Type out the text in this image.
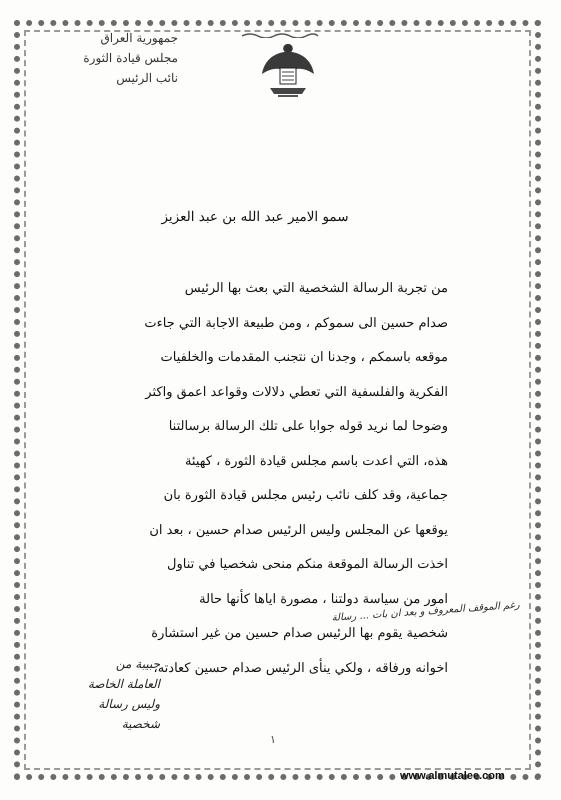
جمهورية العراق
مجلس قيادة الثورة
نائب الرئيس
سمو الامير عبد الله بن عبد العزيز

من تجربة الرسالة الشخصية التي بعث بها الرئيس

صدام حسين الى سموكم ، ومن طبيعة الاجابة التي جاءت

موقعه باسمكم ، وجدنا ان نتجنب المقدمات والخلفيات

الفكرية والفلسفية التي تعطي دلالات وقواعد اعمق واكثر

وضوحا لما نريد قوله جوابا على تلك الرسالة برسالتنا

هذه، التي اعدت باسم مجلس قيادة الثورة ، كهيئة

جماعية، وقد كلف نائب رئيس مجلس قيادة الثورة بان

يوقعها عن المجلس وليس الرئيس صدام حسين ، بعد ان

اخذت الرسالة الموقعة منكم منحى شخصيا في تناول

امور من سياسة دولتنا ، مصورة اياها كأنها حالة

شخصية يقوم بها الرئيس صدام حسين من غير استشارة

اخوانه ورفاقه ، ولكي ينأى الرئيس صدام حسين كعادته،

رغم الموقف المعروف و بعد ان بات ... رسالة
حبيبة من
العاملة الخاصة
وليس رسالة
شخصية
١
www.almutalee.com
